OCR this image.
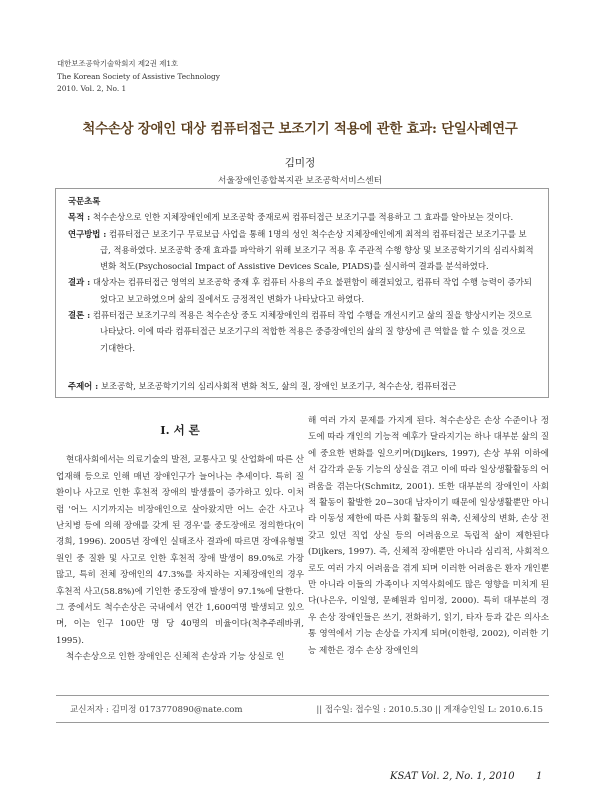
대한보조공학기술학회지 제2권 제1호
The Korean Society of Assistive Technology
2010. Vol. 2, No. 1
척수손상 장애인 대상 컴퓨터접근 보조기기 적용에 관한 효과: 단일사례연구
김미정
서울장애인종합복지관 보조공학서비스센터
국문초록
목적 : 척수손상으로 인한 지체장애인에게 보조공학 중재로써 컴퓨터접근 보조기구를 적용하고 그 효과를 알아보는 것이다.
연구방법 : 컴퓨터접근 보조기구 무료보급 사업을 통해 1명의 성인 척수손상 지체장애인에게 최적의 컴퓨터접근 보조기구를 보급, 적용하였다. 보조공학 중재 효과를 파악하기 위해 보조기구 적용 후 주관적 수행 향상 및 보조공학기기의 심리사회적 변화 척도(Psychosocial Impact of Assistive Devices Scale, PIADS)를 실시하여 결과를 분석하였다.
결과 : 대상자는 컴퓨터접근 영역의 보조공학 중재 후 컴퓨터 사용의 주요 불편함이 해결되었고, 컴퓨터 작업 수행 능력이 증가되었다고 보고하였으며 삶의 질에서도 긍정적인 변화가 나타났다고 하였다.
결론 : 컴퓨터접근 보조기구의 적용은 척수손상 중도 지체장애인의 컴퓨터 작업 수행을 개선시키고 삶의 질을 향상시키는 것으로 나타났다. 이에 따라 컴퓨터접근 보조기구의 적합한 적용은 중증장애인의 삶의 질 향상에 큰 역할을 할 수 있을 것으로 기대한다.
주제어 : 보조공학, 보조공학기기의 심리사회적 변화 척도, 삶의 질, 장애인 보조기구, 척수손상, 컴퓨터접근
I. 서 론

현대사회에서는 의료기술의 발전, 교통사고 및 산업화에 따른 산업재해 등으로 인해 매년 장애인구가 늘어나는 추세이다. 특히 질환이나 사고로 인한 후천적 장애의 발생률이 증가하고 있다. 이처럼 '어느 시기까지는 비장애인으로 살아왔지만 어느 순간 사고나 난치병 등에 의해 장애를 갖게 된 경우'를 중도장애로 정의한다(이경희, 1996). 2005년 장애인 실태조사 결과에 따르면 장애유형별 원인 중 질환 및 사고로 인한 후천적 장애 발생이 89.0%로 가장 많고, 특히 전체 장애인의 47.3%를 차지하는 지체장애인의 경우 후천적 사고(58.8%)에 기인한 중도장애 발생이 97.1%에 달한다. 그 중에서도 척수손상은 국내에서 연간 1,600여명 발생되고 있으며, 이는 인구 100만 명 당 40명의 비율이다(척추주레바퀴, 1995).

척수손상으로 인한 장애인은 신체적 손상과 기능 상실로 인

해 여러 가지 문제를 가지게 된다. 척수손상은 손상 수준이나 정도에 따라 개인의 기능적 예후가 달라지기는 하나 대부분 삶의 질에 중요한 변화를 일으키며(Dijkers, 1997), 손상 부위 이하에서 감각과 운동 기능의 상실을 겪고 이에 따라 일상생활활동의 어려움을 겪는다(Schmitz, 2001). 또한 대부분의 장애인이 사회적 활동이 활발한 20~30대 남자이기 때문에 일상생활뿐만 아니라 이동성 제한에 따른 사회 활동의 위축, 신체상의 변화, 손상 전 갖고 있던 직업 상실 등의 어려움으로 독립적 삶이 제한된다(Dijkers, 1997). 즉, 신체적 장애뿐만 아니라 심리적, 사회적으로도 여러 가지 어려움을 겪게 되며 이러한 어려움은 환자 개인뿐만 아니라 이들의 가족이나 지역사회에도 많은 영향을 미치게 된다(나은우, 이일영, 문혜원과 임미정, 2000). 특히 대부분의 경우 손상 장애인들은 쓰기, 전화하기, 읽기, 타자 등과 같은 의사소통 영역에서 기능 손상을 가지게 되며(이한령, 2002), 이러한 기능 제한은 경수 손상 장애인의

교신저자 : 김미정 0173770890@nate.com	|| 접수일: 접수일 : 2010.5.30 || 게재승인일 L: 2010.6.15
KSAT Vol. 2, No. 1, 2010 1
